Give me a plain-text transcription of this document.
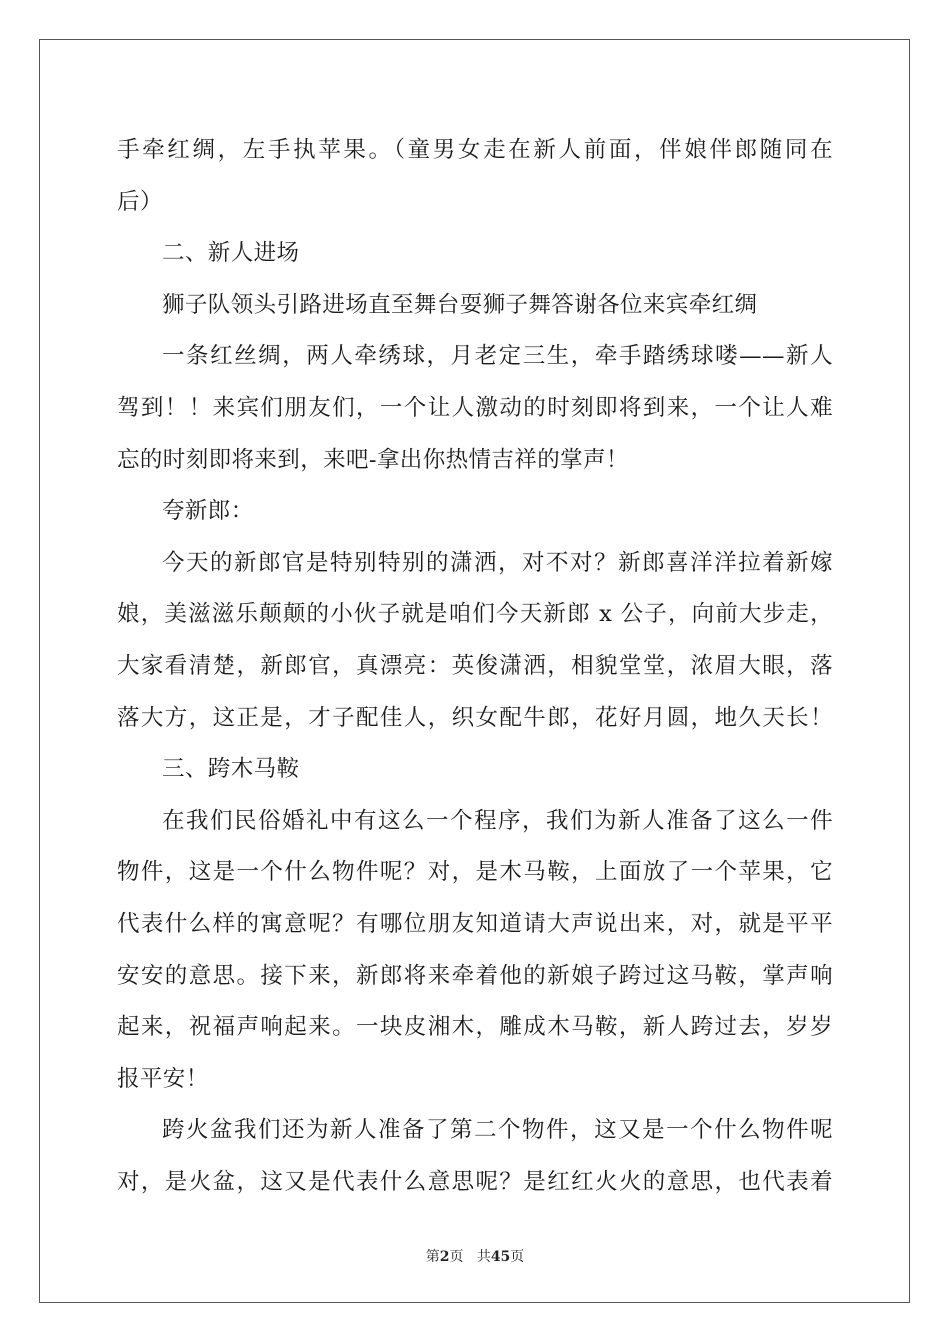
手牵红绸，左手执苹果。（童男女走在新人前面，伴娘伴郎随同在
后）
二、新人进场
狮子队领头引路进场直至舞台耍狮子舞答谢各位来宾牵红绸
一条红丝绸，两人牵绣球，月老定三生，牵手踏绣球喽——新人
驾到！！来宾们朋友们，一个让人激动的时刻即将到来，一个让人难
忘的时刻即将来到，来吧-拿出你热情吉祥的掌声！
夸新郎：
今天的新郎官是特别特别的潇洒，对不对？新郎喜洋洋拉着新嫁
娘，美滋滋乐颠颠的小伙子就是咱们今天新郎 x 公子，向前大步走，
大家看清楚，新郎官，真漂亮：英俊潇洒，相貌堂堂，浓眉大眼，落
落大方，这正是，才子配佳人，织女配牛郎，花好月圆，地久天长！
三、跨木马鞍
在我们民俗婚礼中有这么一个程序，我们为新人准备了这么一件
物件，这是一个什么物件呢？对，是木马鞍，上面放了一个苹果，它
代表什么样的寓意呢？有哪位朋友知道请大声说出来，对，就是平平
安安的意思。接下来，新郎将来牵着他的新娘子跨过这马鞍，掌声响
起来，祝福声响起来。一块皮湘木，雕成木马鞍，新人跨过去，岁岁
报平安！
跨火盆我们还为新人准备了第二个物件，这又是一个什么物件呢
对，是火盆，这又是代表什么意思呢？是红红火火的意思，也代表着
第2页 共45页
